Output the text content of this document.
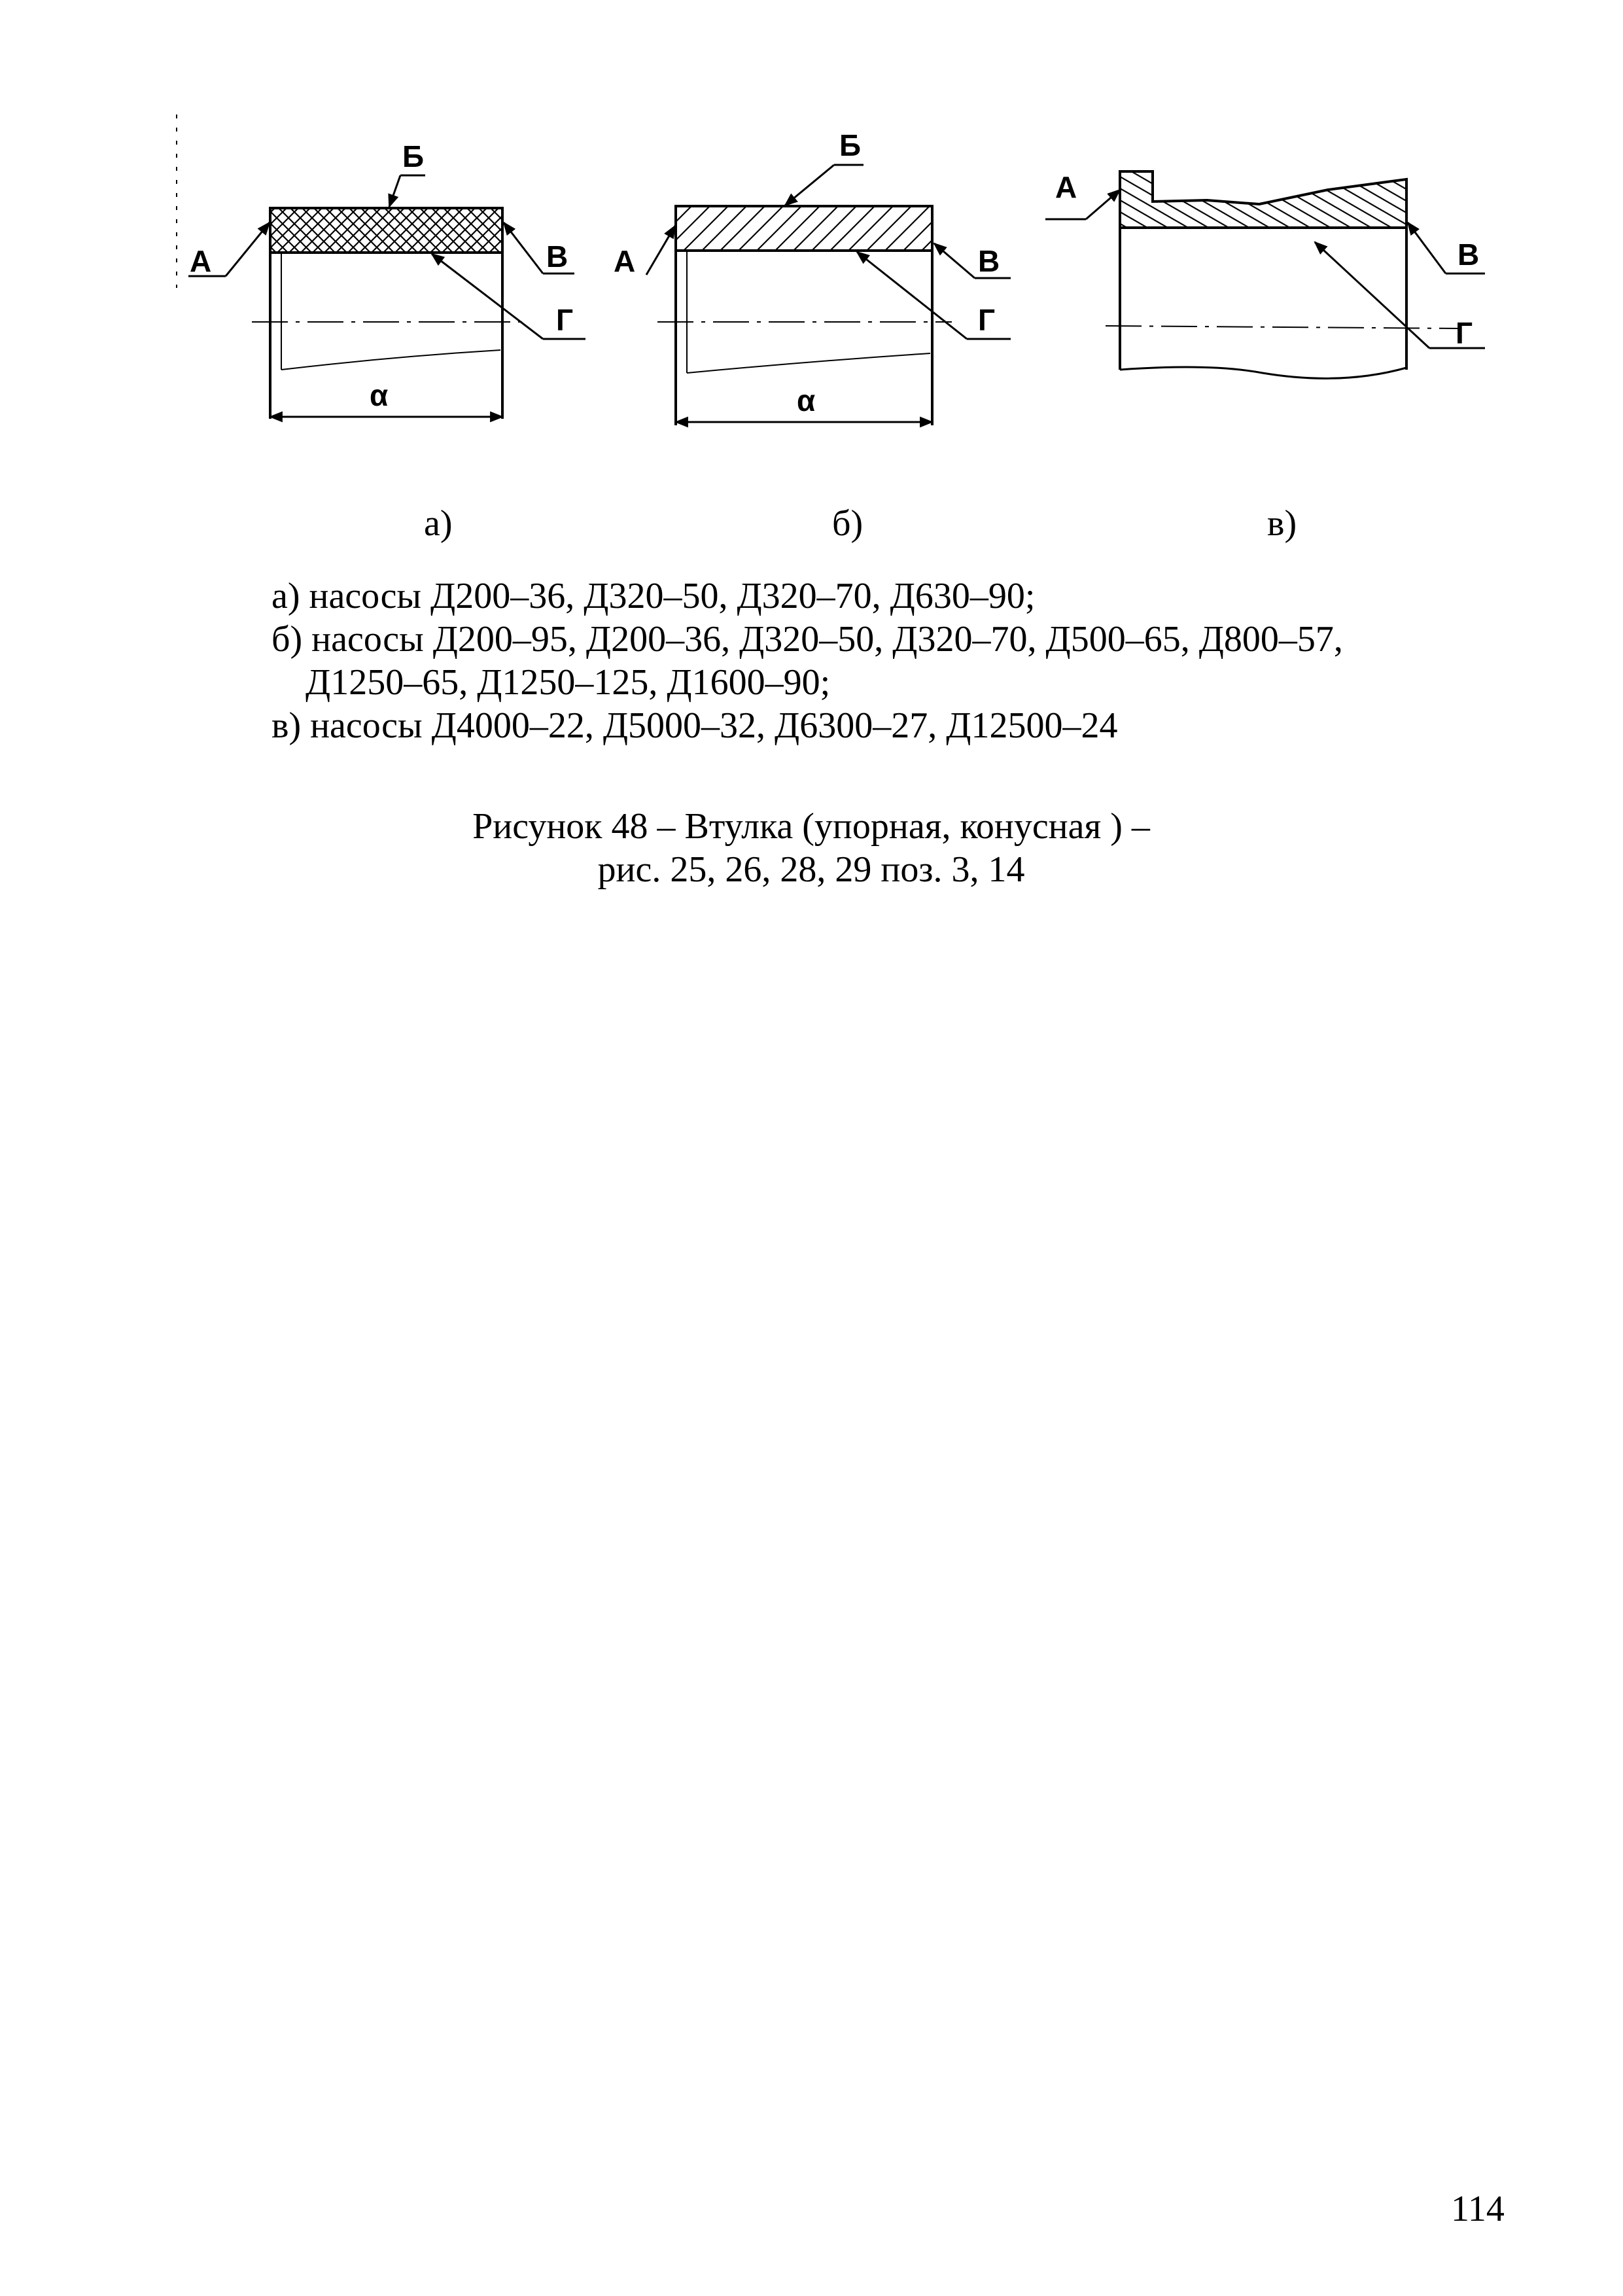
α
Б
А	В
Г
α
Б
А	В
Г
А
В
Г
а)	б)	в)
а) насосы Д200–36, Д320–50, Д320–70, Д630–90;
б) насосы Д200–95, Д200–36, Д320–50, Д320–70, Д500–65, Д800–57,
Д1250–65, Д1250–125, Д1600–90;
в) насосы Д4000–22, Д5000–32, Д6300–27, Д12500–24
Рисунок 48 – Втулка (упорная, конусная ) –
рис. 25, 26, 28, 29 поз. 3, 14
114
